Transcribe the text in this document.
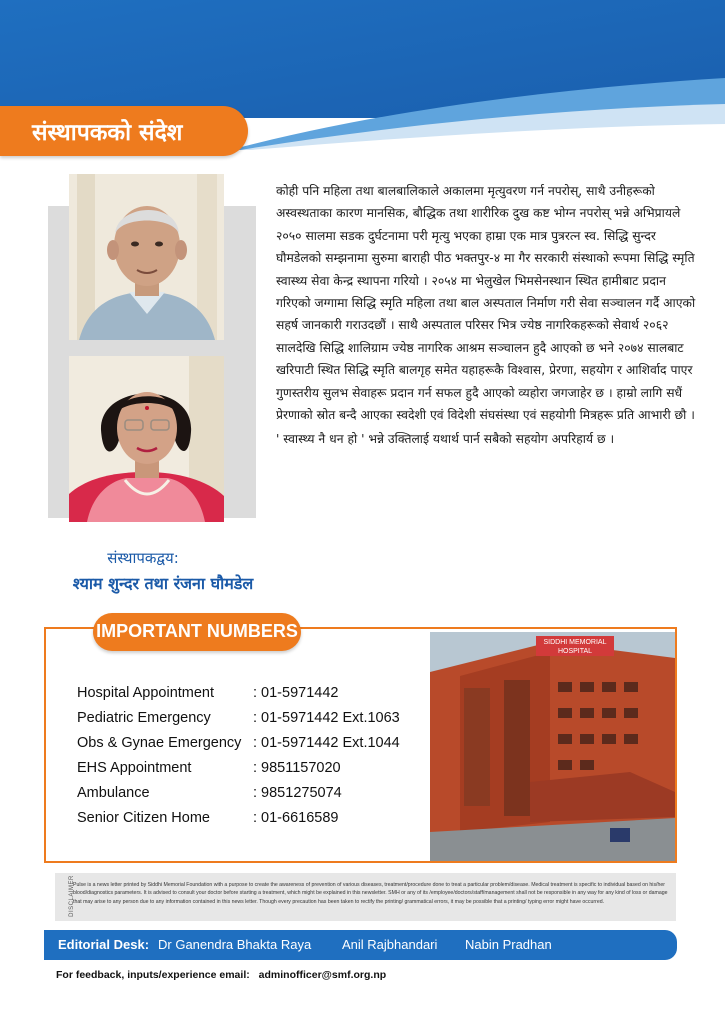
संस्थापकको संदेश
संस्थापकद्वय:
श्याम शुन्दर तथा रंजना घौमडेल

कोही पनि महिला तथा बालबालिकाले अकालमा मृत्युवरण गर्न नपरोस्, साथै उनीहरूको अस्वस्थताका कारण मानसिक, बौद्धिक तथा शारीरिक दुख कष्ट भोग्न नपरोस् भन्ने अभिप्रायले २०५० सालमा सडक दुर्घटनामा परी मृत्यु भएका हाम्रा एक मात्र पुत्ररत्न स्व. सिद्धि सुन्दर घौमडेलको सम्झनामा सुरुमा बाराही पीठ भक्तपुर-४ मा गैर सरकारी संस्थाको रूपमा सिद्धि स्मृति स्वास्थ्य सेवा केन्द्र स्थापना गरियो । २०५४ मा भेलुखेल भिमसेनस्थान स्थित हामीबाट प्रदान गरिएको जग्गामा सिद्धि स्मृति महिला तथा बाल अस्पताल निर्माण गरी सेवा सञ्चालन गर्दै आएको सहर्ष जानकारी गराउदछौं । साथै अस्पताल परिसर भित्र ज्येष्ठ नागरिकहरूको सेवार्थ २०६२ सालदेखि सिद्धि शालिग्राम ज्येष्ठ नागरिक आश्रम सञ्चालन हुदै आएको छ भने २०७४ सालबाट खरिपाटी स्थित सिद्धि स्मृति बालगृह समेत यहाहरूकै विश्वास, प्रेरणा, सहयोग र आशिर्वाद पाएर गुणस्तरीय सुलभ सेवाहरू प्रदान गर्न सफल हुदै आएको व्यहोरा जगजाहेर छ । हाम्रो लागि सधैं प्रेरणाको स्रोत बन्दै आएका स्वदेशी एवं विदेशी संघसंस्था एवं सहयोगी मित्रहरू प्रति आभारी छौ ।

' स्वास्थ्य नै धन हो ' भन्ने उक्तिलाई यथार्थ पार्न सबैको सहयोग अपरिहार्य छ ।

IMPORTANT NUMBERS
Hospital Appointment	: 01-5971442
Pediatric Emergency	: 01-5971442 Ext.1063
Obs & Gynae Emergency : 01-5971442 Ext.1044
EHS Appointment	: 9851157020
Ambulance	: 9851275074
Senior Citizen Home	: 01-6616589
SIDDHI MEMORIAL
HOSPITAL
DISCLAIMER
Pulse is a news letter printed by Siddhi Memorial Foundation with a purpose to create the awareness of prevention of various diseases, treatment/procedure done to treat a particular problem/disease. Medical treatment is specific to individual based on his/her blood/diagnostics parameters. It is advised to consult your doctor before starting a treatment, which might be explained in this newsletter. SMH or any of its /employee/doctors/staff/management shall not be responsible in any way for any kind of loss or damage that may arise to any person due to any information contained in this news letter. Though every precaution has been taken to rectify the printing/ grammatical errors, it may be possible that a printing/ typing error might have occurred.
Editorial Desk: Dr Ganendra Bhakta Raya Anil Rajbhandari Nabin Pradhan
For feedback, inputs/experience email: adminofficer@smf.org.np
